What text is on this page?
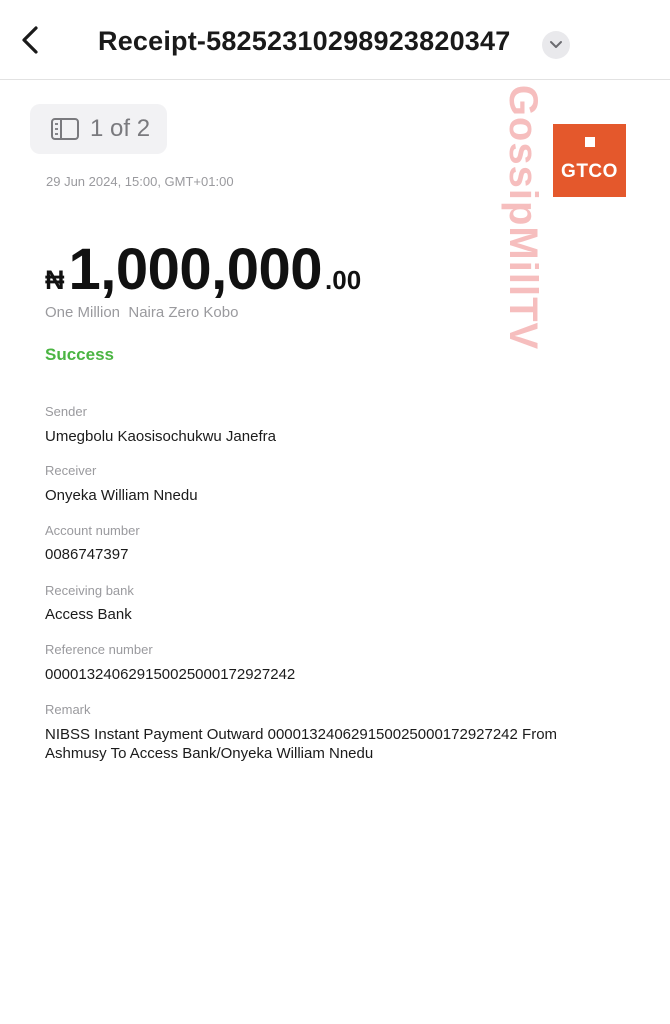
Receipt-58252310298923820347
1 of 2
GTCO
29 Jun 2024, 15:00, GMT+01:00
₦ 1,000,000 .00
One Million  Naira Zero Kobo
Success
Sender
Umegbolu Kaosisochukwu Janefra
Receiver
Onyeka William Nnedu
Account number
0086747397
Receiving bank
Access Bank
Reference number
000013240629150025000172927242
Remark
NIBSS Instant Payment Outward 000013240629150025000172927242 From
Ashmusy To Access Bank/Onyeka William Nnedu
GossipMillTV
